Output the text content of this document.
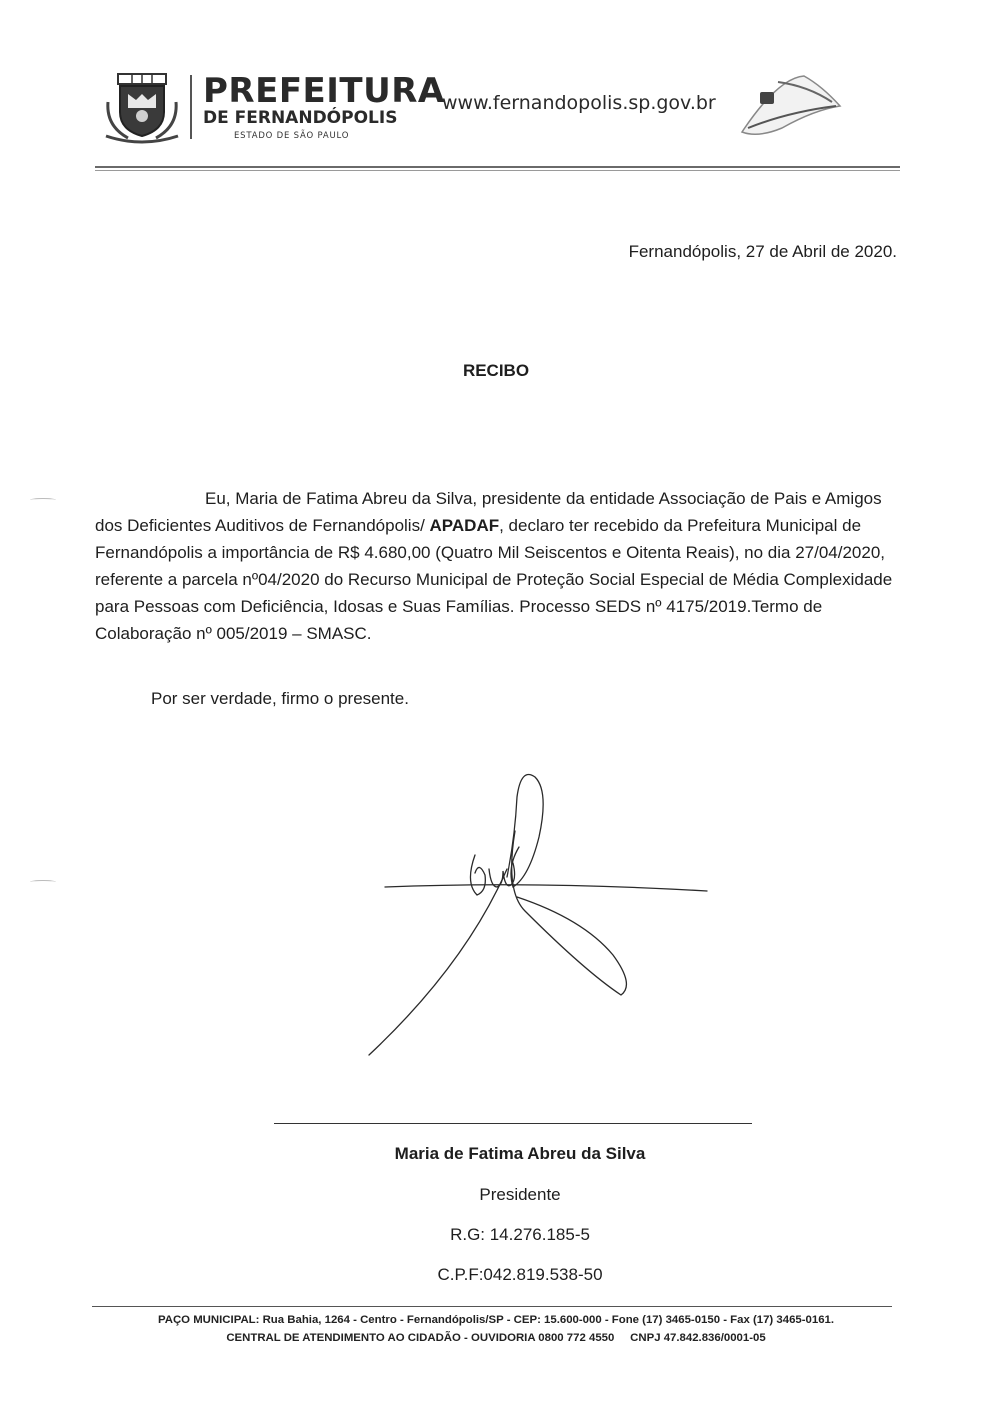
PREFEITURA
DE FERNANDÓPOLIS
ESTADO DE SÃO PAULO
www.fernandopolis.sp.gov.br
Fernandópolis, 27 de Abril de 2020.
RECIBO

Eu, Maria de Fatima Abreu da Silva, presidente da entidade Associação de Pais e Amigos dos Deficientes Auditivos de Fernandópolis/ APADAF, declaro ter recebido da Prefeitura Municipal de Fernandópolis a importância de R$ 4.680,00 (Quatro Mil Seiscentos e Oitenta Reais), no dia 27/04/2020, referente a parcela nº04/2020 do Recurso Municipal de Proteção Social Especial de Média Complexidade para Pessoas com Deficiência, Idosas e Suas Famílias. Processo SEDS nº 4175/2019.Termo de Colaboração nº 005/2019 – SMASC.

Por ser verdade, firmo o presente.
Maria de Fatima Abreu da Silva
Presidente
R.G: 14.276.185-5
C.P.F:042.819.538-50
PAÇO MUNICIPAL: Rua Bahia, 1264 - Centro - Fernandópolis/SP - CEP: 15.600-000 - Fone (17) 3465-0150 - Fax (17) 3465-0161.
CENTRAL DE ATENDIMENTO AO CIDADÃO - OUVIDORIA 0800 772 4550     CNPJ 47.842.836/0001-05
